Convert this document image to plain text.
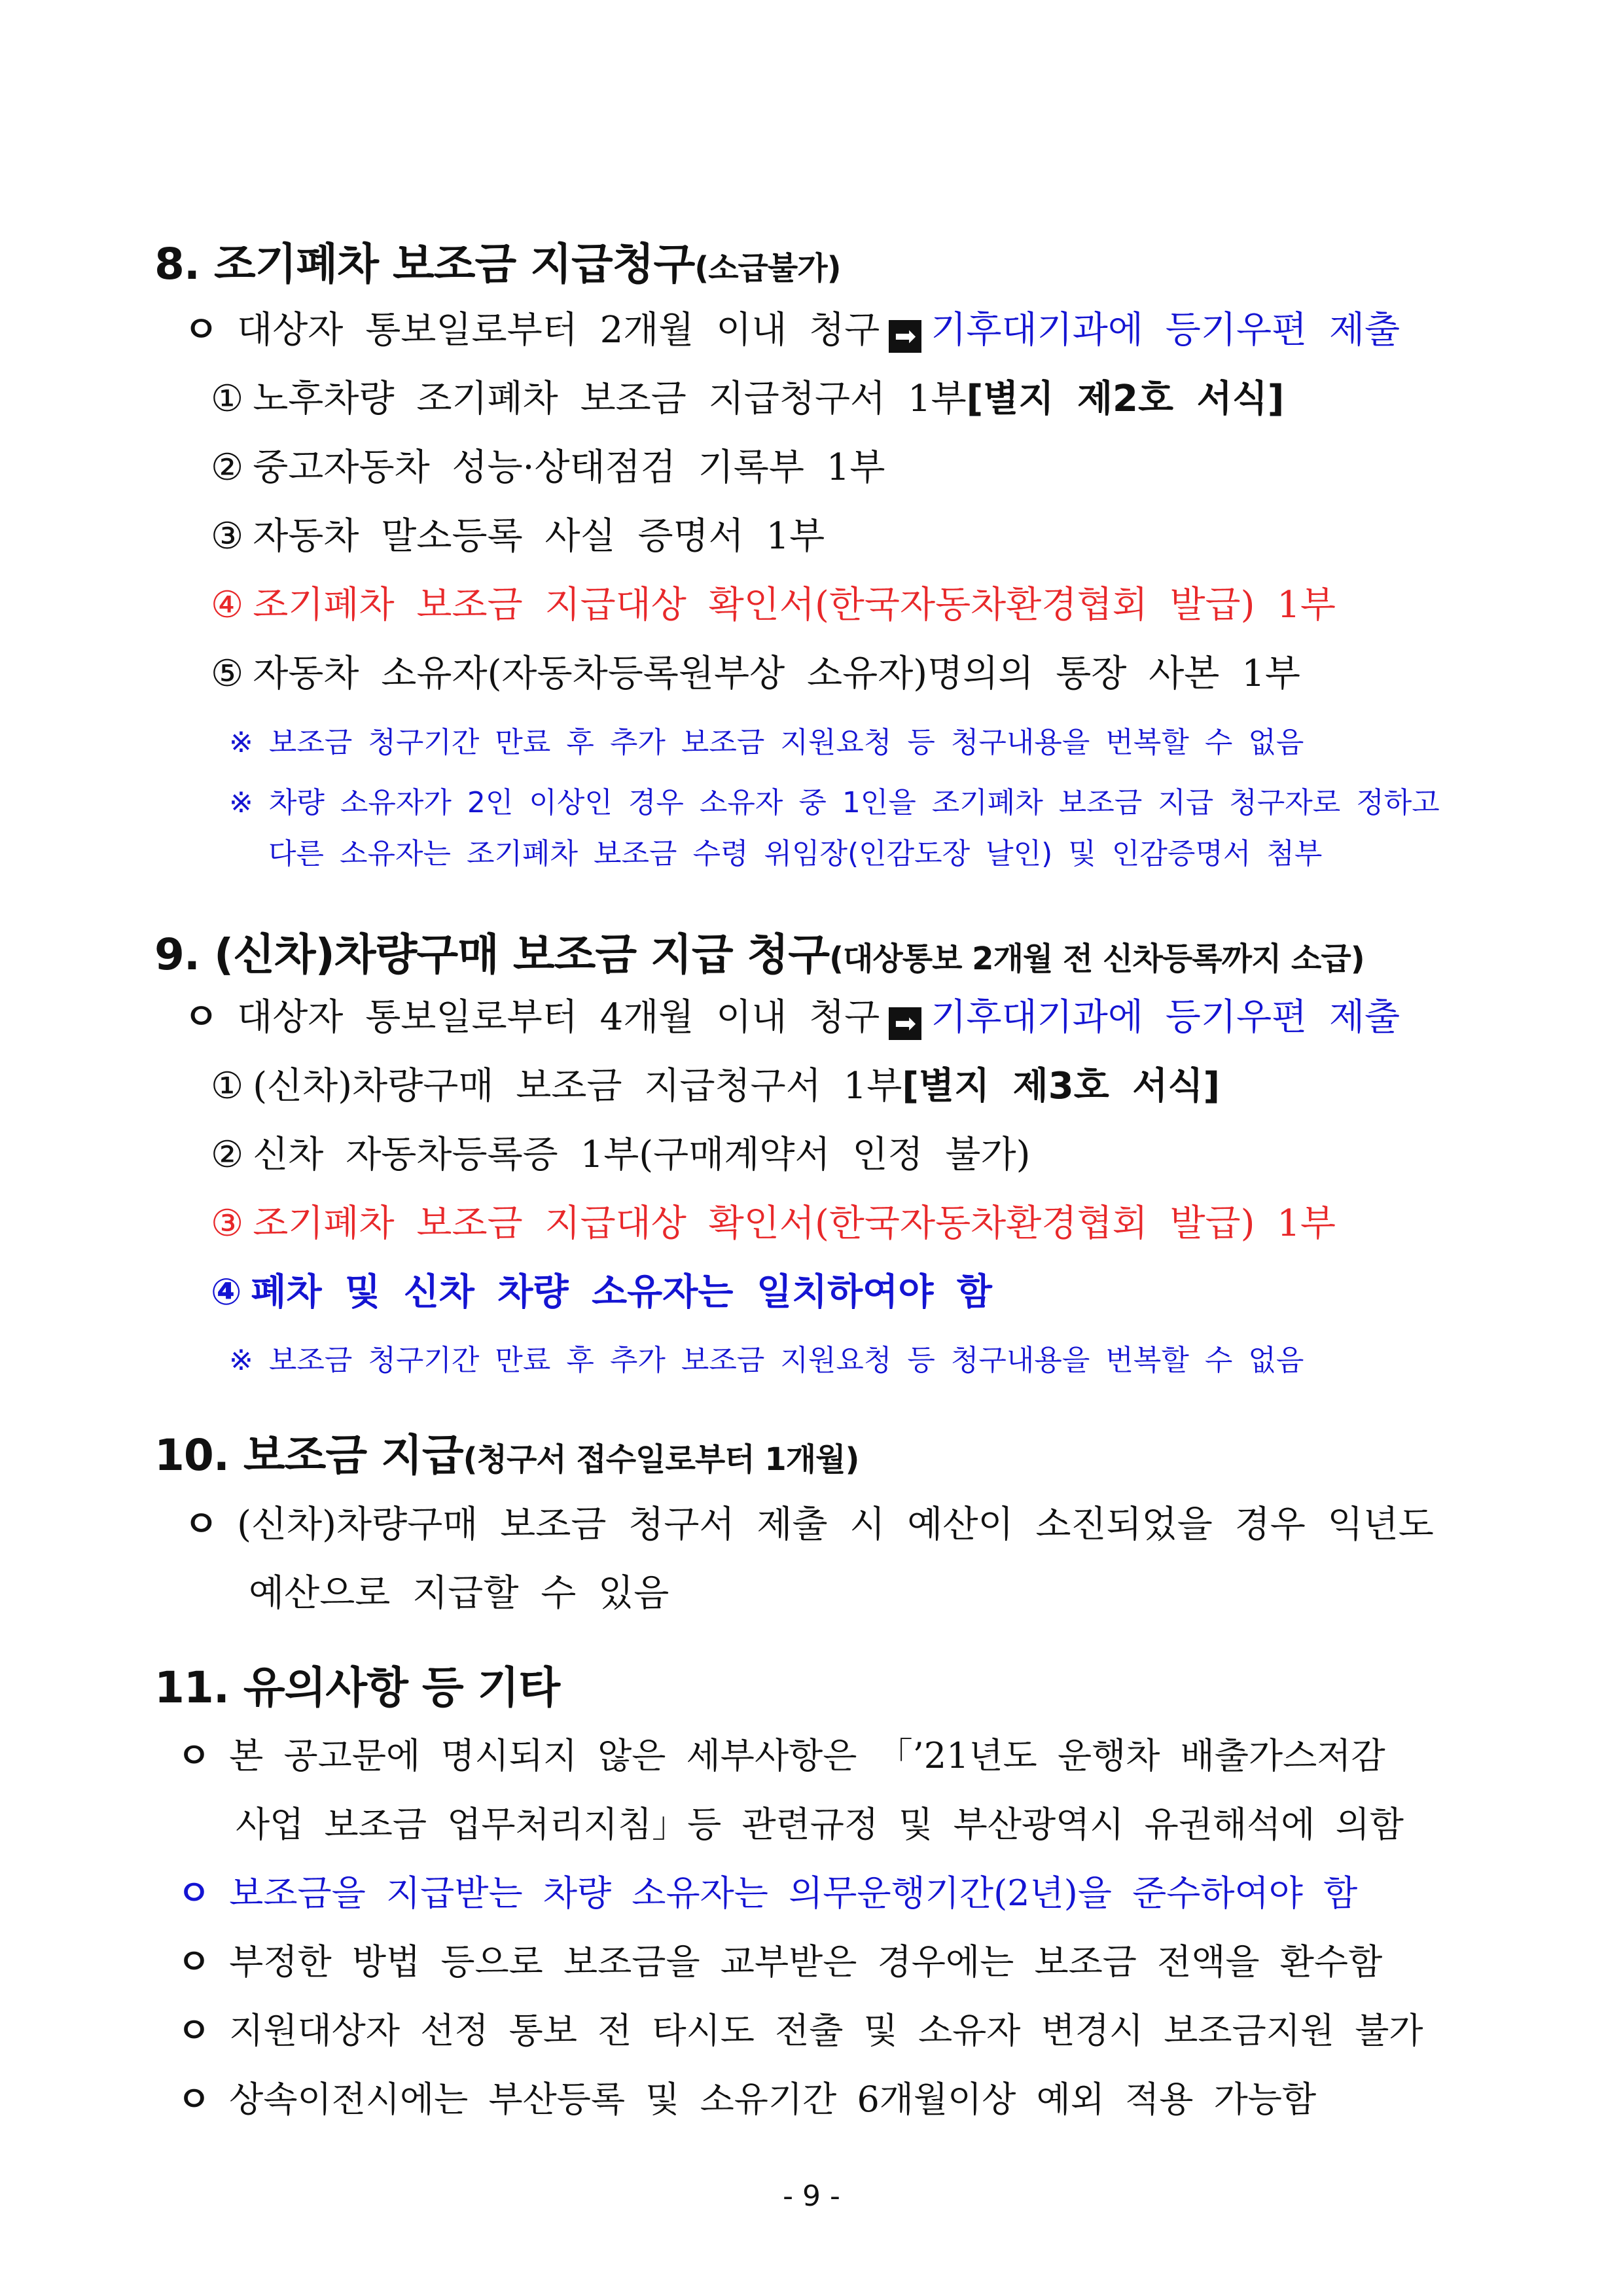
8. 조기폐차 보조금 지급청구(소급불가)
ㅇ 대상자 통보일로부터 2개월 이내 청구 ➡ 기후대기과에 등기우편 제출
① 노후차량 조기폐차 보조금 지급청구서 1부[별지 제2호 서식]
② 중고자동차 성능·상태점검 기록부 1부
③ 자동차 말소등록 사실 증명서 1부
④ 조기폐차 보조금 지급대상 확인서(한국자동차환경협회 발급) 1부
⑤ 자동차 소유자(자동차등록원부상 소유자)명의의 통장 사본 1부
※ 보조금 청구기간 만료 후 추가 보조금 지원요청 등 청구내용을 번복할 수 없음
※ 차량 소유자가 2인 이상인 경우 소유자 중 1인을 조기폐차 보조금 지급 청구자로 정하고
다른 소유자는 조기폐차 보조금 수령 위임장(인감도장 날인) 및 인감증명서 첨부
9. (신차)차량구매 보조금 지급 청구(대상통보 2개월 전 신차등록까지 소급)
ㅇ 대상자 통보일로부터 4개월 이내 청구 ➡ 기후대기과에 등기우편 제출
① (신차)차량구매 보조금 지급청구서 1부[별지 제3호 서식]
② 신차 자동차등록증 1부(구매계약서 인정 불가)
③ 조기폐차 보조금 지급대상 확인서(한국자동차환경협회 발급) 1부
④ 폐차 및 신차 차량 소유자는 일치하여야 함
※ 보조금 청구기간 만료 후 추가 보조금 지원요청 등 청구내용을 번복할 수 없음
10. 보조금 지급(청구서 접수일로부터 1개월)
ㅇ (신차)차량구매 보조금 청구서 제출 시 예산이 소진되었을 경우 익년도
예산으로 지급할 수 있음
11. 유의사항 등 기타
ㅇ 본 공고문에 명시되지 않은 세부사항은 「’21년도 운행차 배출가스저감
사업 보조금 업무처리지침」등 관련규정 및 부산광역시 유권해석에 의함
ㅇ 보조금을 지급받는 차량 소유자는 의무운행기간(2년)을 준수하여야 함
ㅇ 부정한 방법 등으로 보조금을 교부받은 경우에는 보조금 전액을 환수함
ㅇ 지원대상자 선정 통보 전 타시도 전출 및 소유자 변경시 보조금지원 불가
ㅇ 상속이전시에는 부산등록 및 소유기간 6개월이상 예외 적용 가능함
- 9 -
